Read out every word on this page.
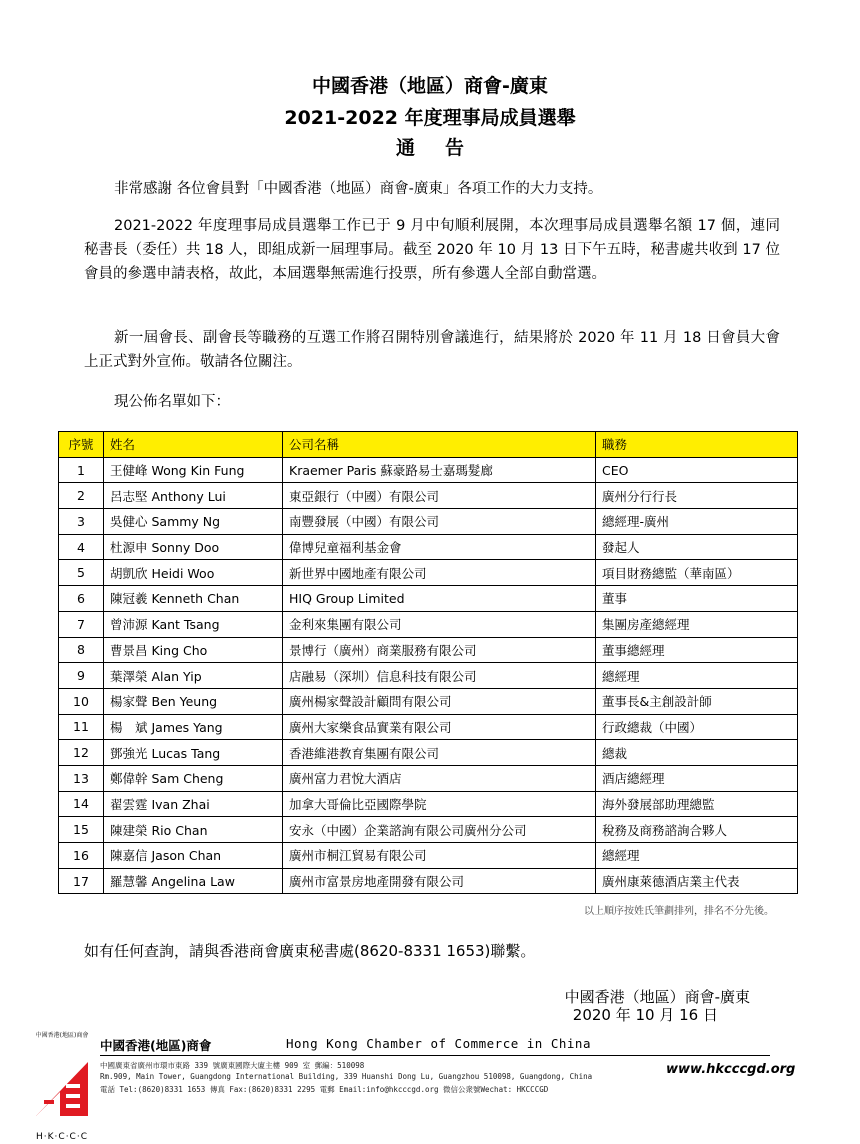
中國香港（地區）商會-廣東
2021-2022 年度理事局成員選舉
通告
非常感謝 各位會員對「中國香港（地區）商會-廣東」各項工作的大力支持。
2021-2022 年度理事局成員選舉工作已于 9 月中旬順利展開，本次理事局成員選舉名額 17 個，連同秘書長（委任）共 18 人，即組成新一屆理事局。截至 2020 年 10 月 13 日下午五時，秘書處共收到 17 位會員的參選申請表格，故此，本屆選舉無需進行投票，所有參選人全部自動當選。
新一屆會長、副會長等職務的互選工作將召開特別會議進行，結果將於 2020 年 11 月 18 日會員大會上正式對外宣佈。敬請各位關注。
現公佈名單如下：
序號	姓名	公司名稱	職務
1	王健峰 Wong Kin Fung	Kraemer Paris 蘇豪路易士嘉瑪髮廊	CEO
2	呂志堅 Anthony Lui	東亞銀行（中國）有限公司	廣州分行行長
3	吳健心 Sammy Ng	南豐發展（中國）有限公司	總經理-廣州
4	杜源申 Sonny Doo	偉博兒童福利基金會	發起人
5	胡凱欣 Heidi Woo	新世界中國地產有限公司	項目財務總監（華南區）
6	陳冠羲 Kenneth Chan	HIQ Group Limited	董事
7	曾沛源 Kant Tsang	金利來集團有限公司	集團房產總經理
8	曹景昌 King Cho	景博行（廣州）商業服務有限公司	董事總經理
9	葉澤榮 Alan Yip	店融易（深圳）信息科技有限公司	總經理
10	楊家聲 Ben Yeung	廣州楊家聲設計顧問有限公司	董事長&主創設計師
11	楊　斌 James Yang	廣州大家樂食品實業有限公司	行政總裁（中國）
12	鄧強光 Lucas Tang	香港維港教育集團有限公司	總裁
13	鄭偉幹 Sam Cheng	廣州富力君悅大酒店	酒店總經理
14	翟雲霆 Ivan Zhai	加拿大哥倫比亞國際學院	海外發展部助理總監
15	陳建榮 Rio Chan	安永（中國）企業諮詢有限公司廣州分公司	稅務及商務諮詢合夥人
16	陳嘉信 Jason Chan	廣州市桐江貿易有限公司	總經理
17	羅慧馨 Angelina Law	廣州市富景房地產開發有限公司	廣州康萊德酒店業主代表
以上順序按姓氏筆劃排列，排名不分先後。
如有任何查詢，請與香港商會廣東秘書處(8620-8331 1653)聯繫。
中國香港（地區）商會-廣東
2020 年 10 月 16 日
中國香港(地區)商會
H·K·C·C·C
中國香港(地區)商會	Hong Kong Chamber of Commerce in China
中國廣東省廣州市環市東路 339 號廣東國際大廈主樓 909 室 郵編：510098
Rm.909, Main Tower, Guangdong International Building, 339 Huanshi Dong Lu, Guangzhou 510098, Guangdong, China
電話 Tel:(8620)8331 1653 傳真 Fax:(8620)8331 2295 電郵 Email:info@hkcccgd.org 微信公衆號Wechat: HKCCCGD
www.hkcccgd.org
